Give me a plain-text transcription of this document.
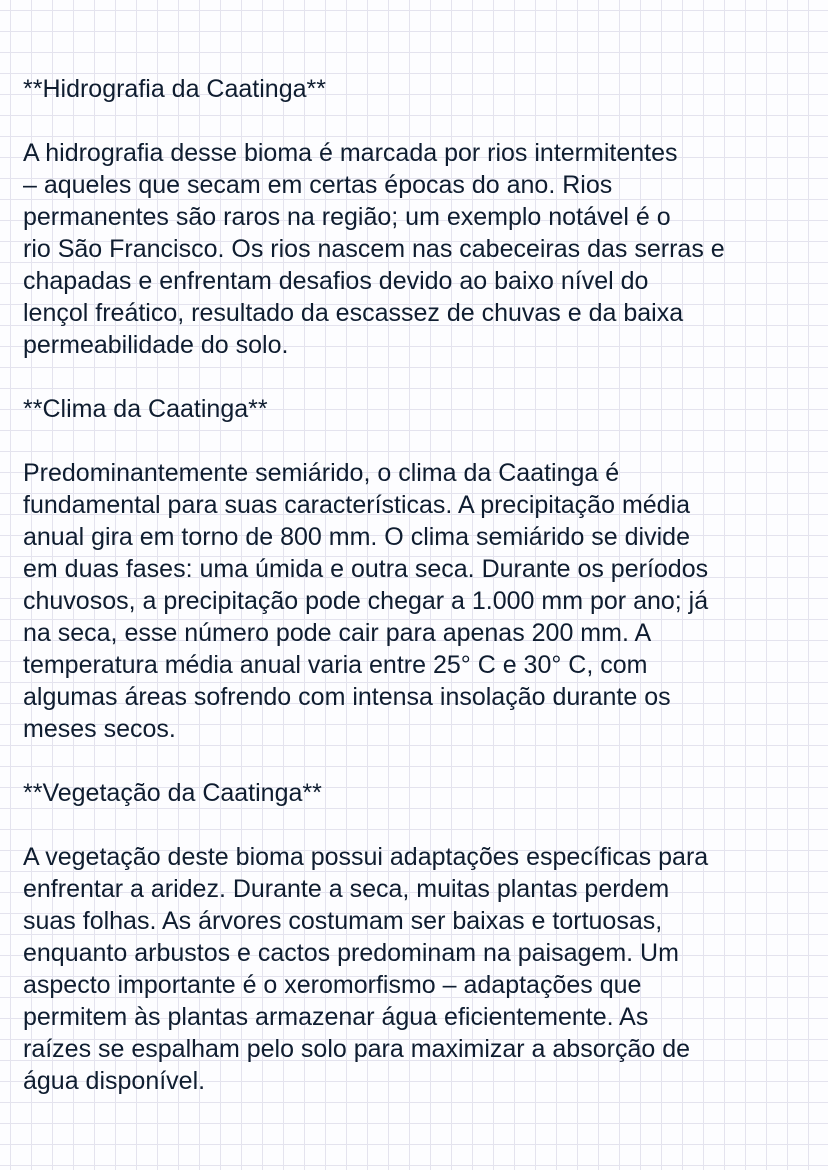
**Hidrografia da Caatinga**
A hidrografia desse bioma é marcada por rios intermitentes
– aqueles que secam em certas épocas do ano. Rios
permanentes são raros na região; um exemplo notável é o
rio São Francisco. Os rios nascem nas cabeceiras das serras e
chapadas e enfrentam desafios devido ao baixo nível do
lençol freático, resultado da escassez de chuvas e da baixa
permeabilidade do solo.
**Clima da Caatinga**
Predominantemente semiárido, o clima da Caatinga é
fundamental para suas características. A precipitação média
anual gira em torno de 800 mm. O clima semiárido se divide
em duas fases: uma úmida e outra seca. Durante os períodos
chuvosos, a precipitação pode chegar a 1.000 mm por ano; já
na seca, esse número pode cair para apenas 200 mm. A
temperatura média anual varia entre 25° C e 30° C, com
algumas áreas sofrendo com intensa insolação durante os
meses secos.
**Vegetação da Caatinga**
A vegetação deste bioma possui adaptações específicas para
enfrentar a aridez. Durante a seca, muitas plantas perdem
suas folhas. As árvores costumam ser baixas e tortuosas,
enquanto arbustos e cactos predominam na paisagem. Um
aspecto importante é o xeromorfismo – adaptações que
permitem às plantas armazenar água eficientemente. As
raízes se espalham pelo solo para maximizar a absorção de
água disponível.
